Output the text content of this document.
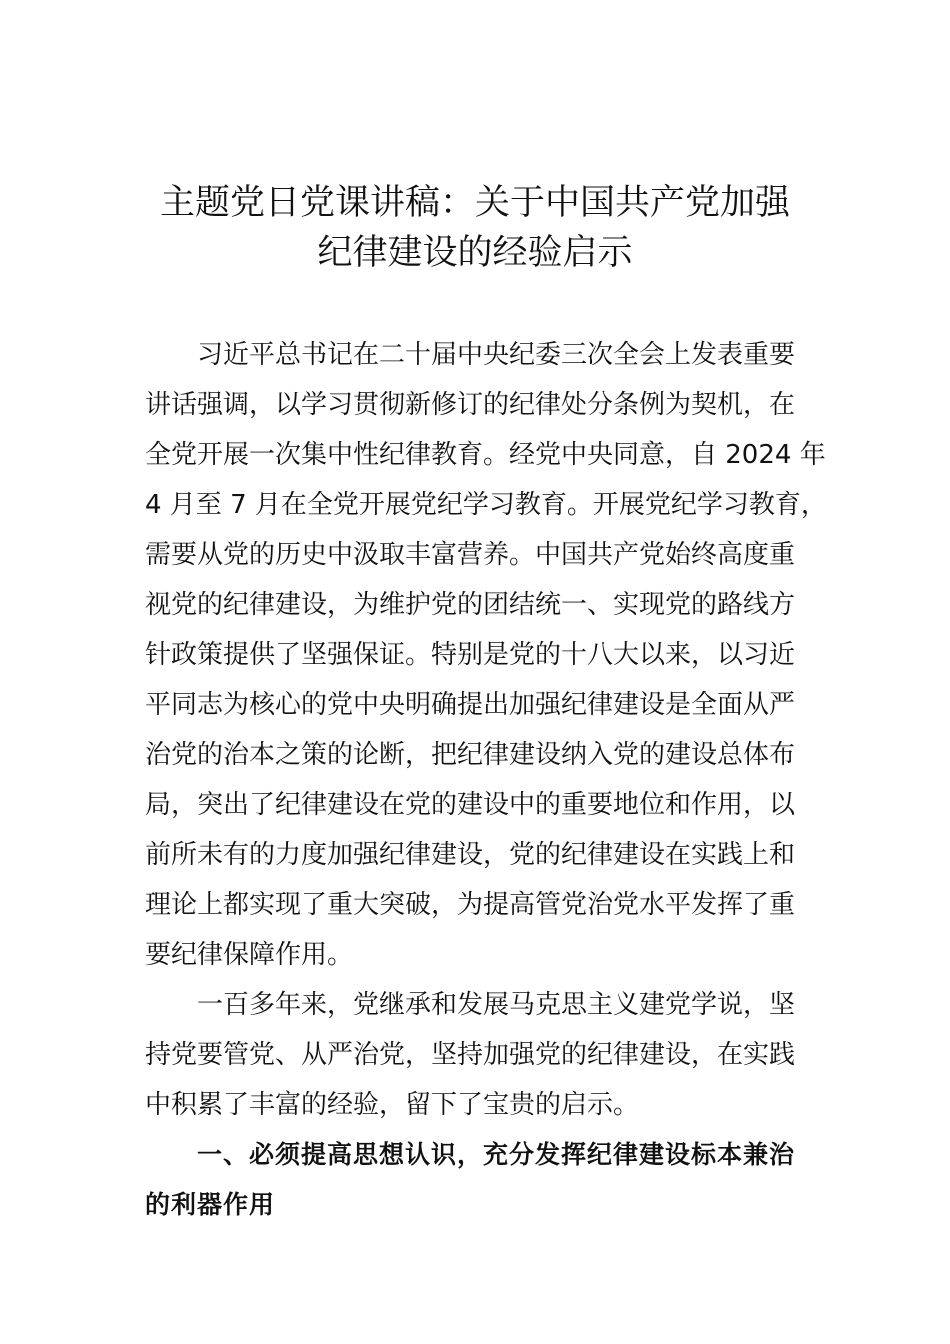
主题党日党课讲稿：关于中国共产党加强
纪律建设的经验启示

习近平总书记在二十届中央纪委三次全会上发表重要
讲话强调，以学习贯彻新修订的纪律处分条例为契机，在
全党开展一次集中性纪律教育。经党中央同意，自 2024 年
4 月至 7 月在全党开展党纪学习教育。开展党纪学习教育，
需要从党的历史中汲取丰富营养。中国共产党始终高度重
视党的纪律建设，为维护党的团结统一、实现党的路线方
针政策提供了坚强保证。特别是党的十八大以来，以习近
平同志为核心的党中央明确提出加强纪律建设是全面从严
治党的治本之策的论断，把纪律建设纳入党的建设总体布
局，突出了纪律建设在党的建设中的重要地位和作用，以
前所未有的力度加强纪律建设，党的纪律建设在实践上和
理论上都实现了重大突破，为提高管党治党水平发挥了重
要纪律保障作用。

一百多年来，党继承和发展马克思主义建党学说，坚
持党要管党、从严治党，坚持加强党的纪律建设，在实践
中积累了丰富的经验，留下了宝贵的启示。

一、必须提高思想认识，充分发挥纪律建设标本兼治
的利器作用
